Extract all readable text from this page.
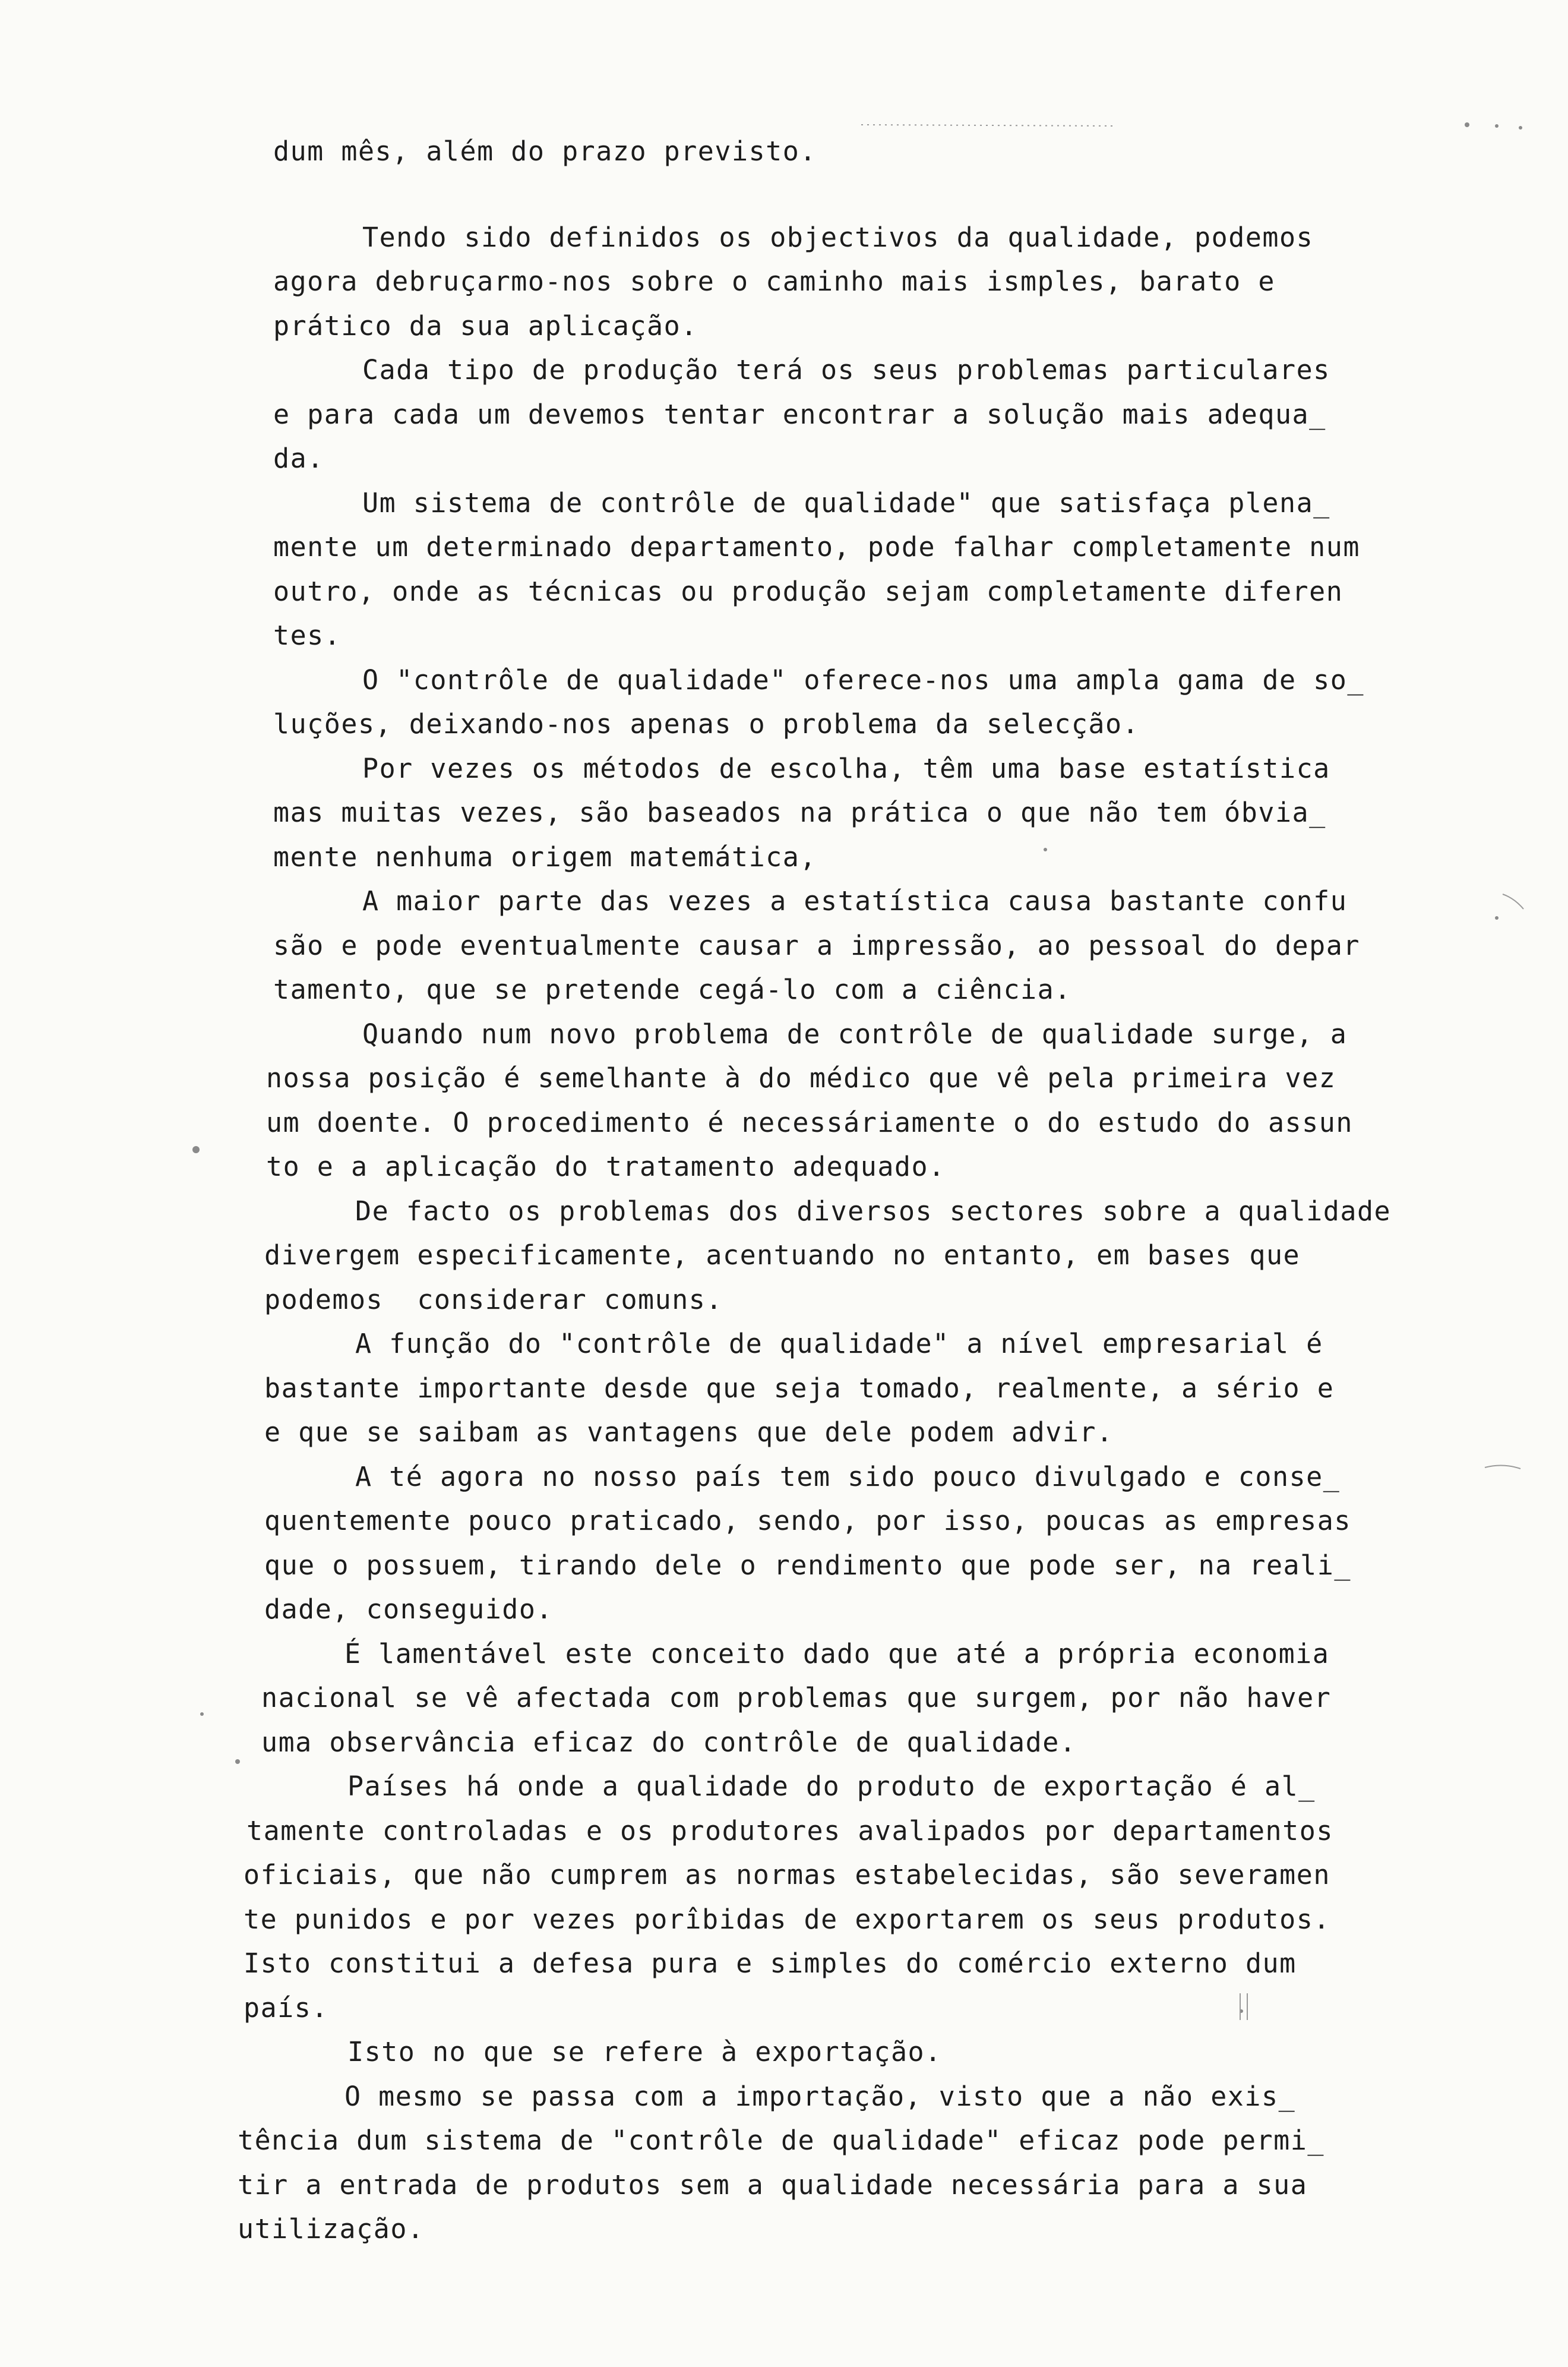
dum mês, além do prazo previsto.
Tendo sido definidos os objectivos da qualidade, podemos
agora debruçarmo-nos sobre o caminho mais ismples, barato e
prático da sua aplicação.
Cada tipo de produção terá os seus problemas particulares
e para cada um devemos tentar encontrar a solução mais adequa_
da.
Um sistema de contrôle de qualidade" que satisfaça plena_
mente um determinado departamento, pode falhar completamente num
outro, onde as técnicas ou produção sejam completamente diferen
tes.
O "contrôle de qualidade" oferece-nos uma ampla gama de so_
luções, deixando-nos apenas o problema da selecção.
Por vezes os métodos de escolha, têm uma base estatística
mas muitas vezes, são baseados na prática o que não tem óbvia_
mente nenhuma origem matemática,
A maior parte das vezes a estatística causa bastante confu
são e pode eventualmente causar a impressão, ao pessoal do depar
tamento, que se pretende cegá-lo com a ciência.
Quando num novo problema de contrôle de qualidade surge, a
nossa posição é semelhante à do médico que vê pela primeira vez
um doente. O procedimento é necessáriamente o do estudo do assun
to e a aplicação do tratamento adequado.
De facto os problemas dos diversos sectores sobre a qualidade
divergem especificamente, acentuando no entanto, em bases que
podemos  considerar comuns.
A função do "contrôle de qualidade" a nível empresarial é
bastante importante desde que seja tomado, realmente, a sério e
e que se saibam as vantagens que dele podem advir.
A té agora no nosso país tem sido pouco divulgado e conse_
quentemente pouco praticado, sendo, por isso, poucas as empresas
que o possuem, tirando dele o rendimento que pode ser, na reali_
dade, conseguido.
É lamentável este conceito dado que até a própria economia
nacional se vê afectada com problemas que surgem, por não haver
uma observância eficaz do contrôle de qualidade.
Países há onde a qualidade do produto de exportação é al_
tamente controladas e os produtores avalipados por departamentos
oficiais, que não cumprem as normas estabelecidas, são severamen
te punidos e por vezes porîbidas de exportarem os seus produtos.
Isto constitui a defesa pura e simples do comércio externo dum
país.
Isto no que se refere à exportação.
O mesmo se passa com a importação, visto que a não exis_
tência dum sistema de "contrôle de qualidade" eficaz pode permi_
tir a entrada de produtos sem a qualidade necessária para a sua
utilização.
